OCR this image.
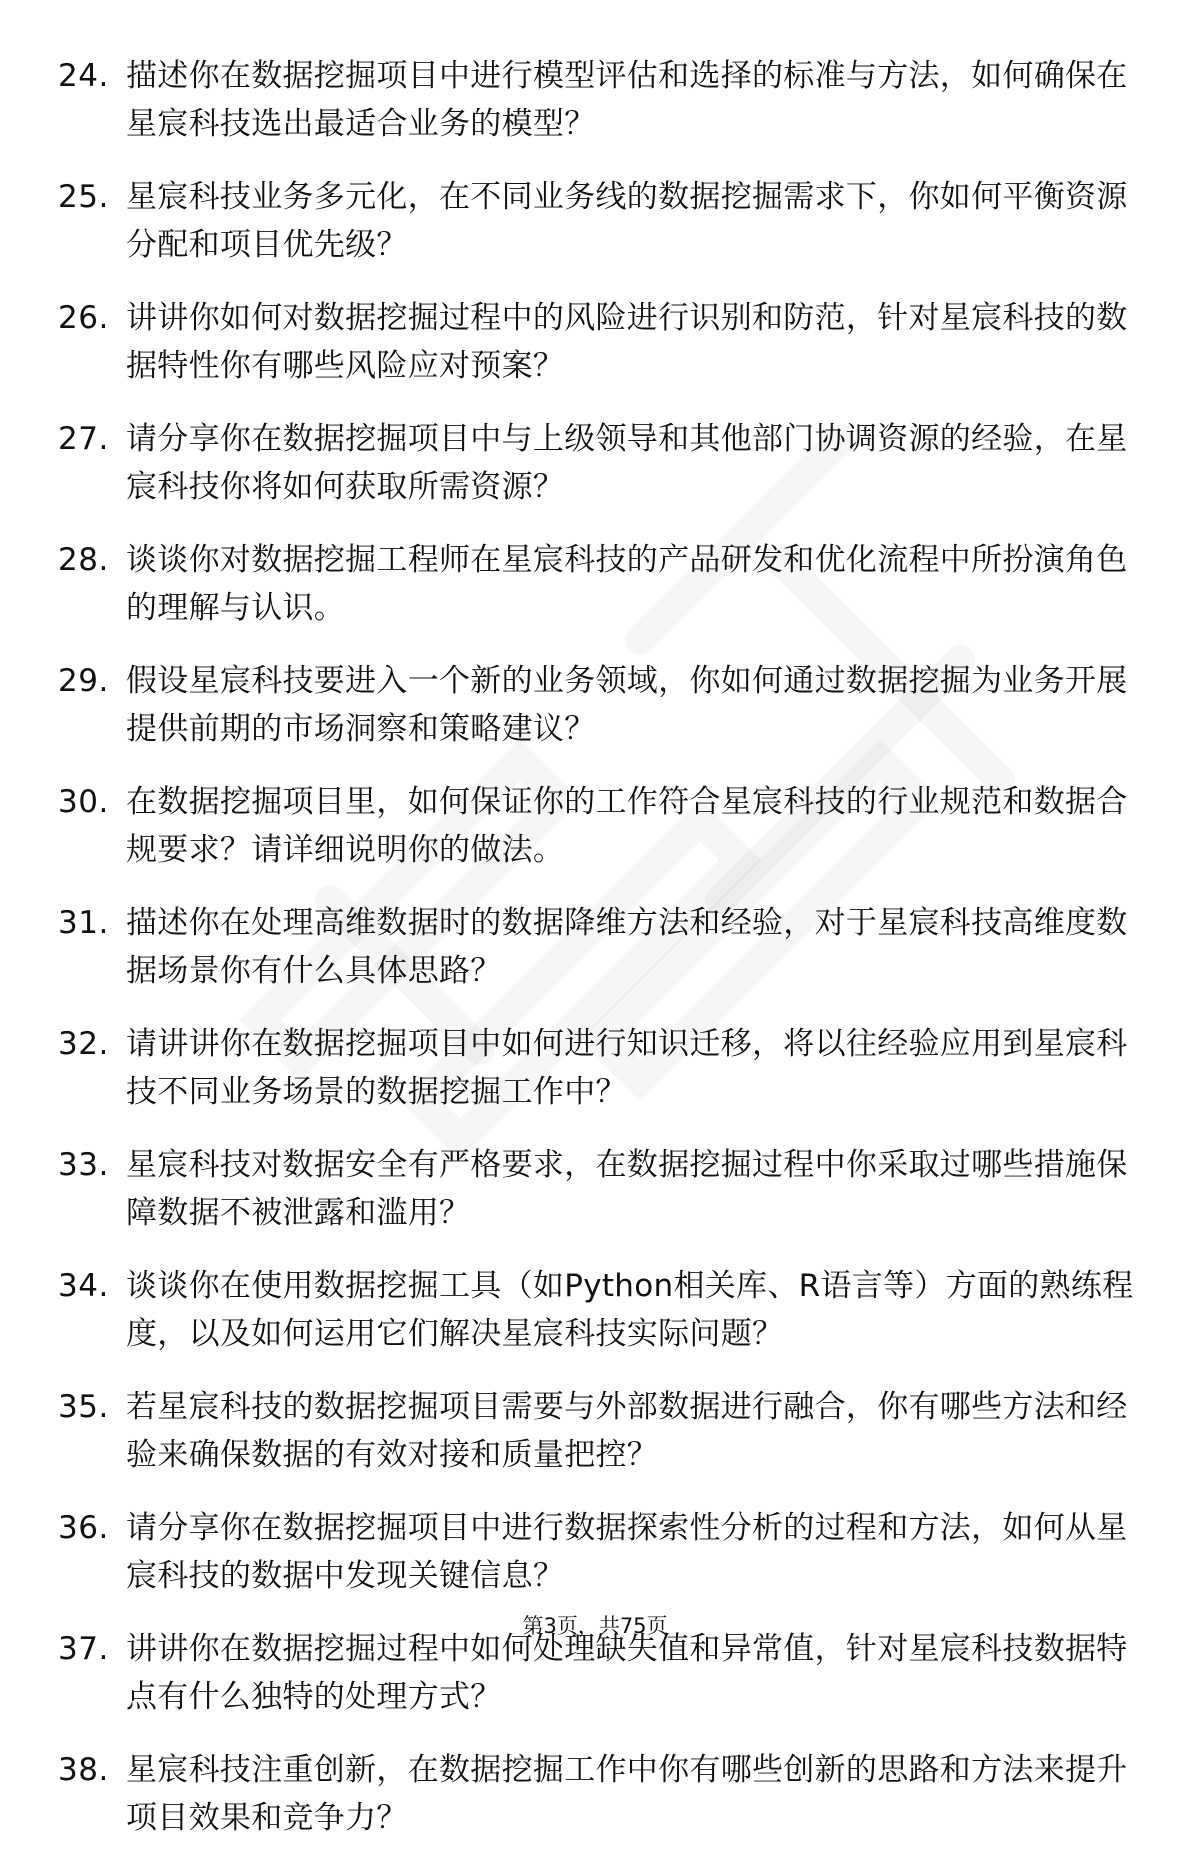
24. 描述你在数据挖掘项目中进行模型评估和选择的标准与方法，如何确保在星宸科技选出最适合业务的模型？
25. 星宸科技业务多元化，在不同业务线的数据挖掘需求下，你如何平衡资源分配和项目优先级？
26. 讲讲你如何对数据挖掘过程中的风险进行识别和防范，针对星宸科技的数据特性你有哪些风险应对预案？
27. 请分享你在数据挖掘项目中与上级领导和其他部门协调资源的经验，在星宸科技你将如何获取所需资源？
28. 谈谈你对数据挖掘工程师在星宸科技的产品研发和优化流程中所扮演角色的理解与认识。
29. 假设星宸科技要进入一个新的业务领域，你如何通过数据挖掘为业务开展提供前期的市场洞察和策略建议？
30. 在数据挖掘项目里，如何保证你的工作符合星宸科技的行业规范和数据合规要求？请详细说明你的做法。
31. 描述你在处理高维数据时的数据降维方法和经验，对于星宸科技高维度数据场景你有什么具体思路？
32. 请讲讲你在数据挖掘项目中如何进行知识迁移，将以往经验应用到星宸科技不同业务场景的数据挖掘工作中？
33. 星宸科技对数据安全有严格要求，在数据挖掘过程中你采取过哪些措施保障数据不被泄露和滥用？
34. 谈谈你在使用数据挖掘工具（如Python相关库、R语言等）方面的熟练程度，以及如何运用它们解决星宸科技实际问题？
35. 若星宸科技的数据挖掘项目需要与外部数据进行融合，你有哪些方法和经验来确保数据的有效对接和质量把控？
36. 请分享你在数据挖掘项目中进行数据探索性分析的过程和方法，如何从星宸科技的数据中发现关键信息？
37. 讲讲你在数据挖掘过程中如何处理缺失值和异常值，针对星宸科技数据特点有什么独特的处理方式？
38. 星宸科技注重创新，在数据挖掘工作中你有哪些创新的思路和方法来提升项目效果和竞争力？
第3页，共75页
